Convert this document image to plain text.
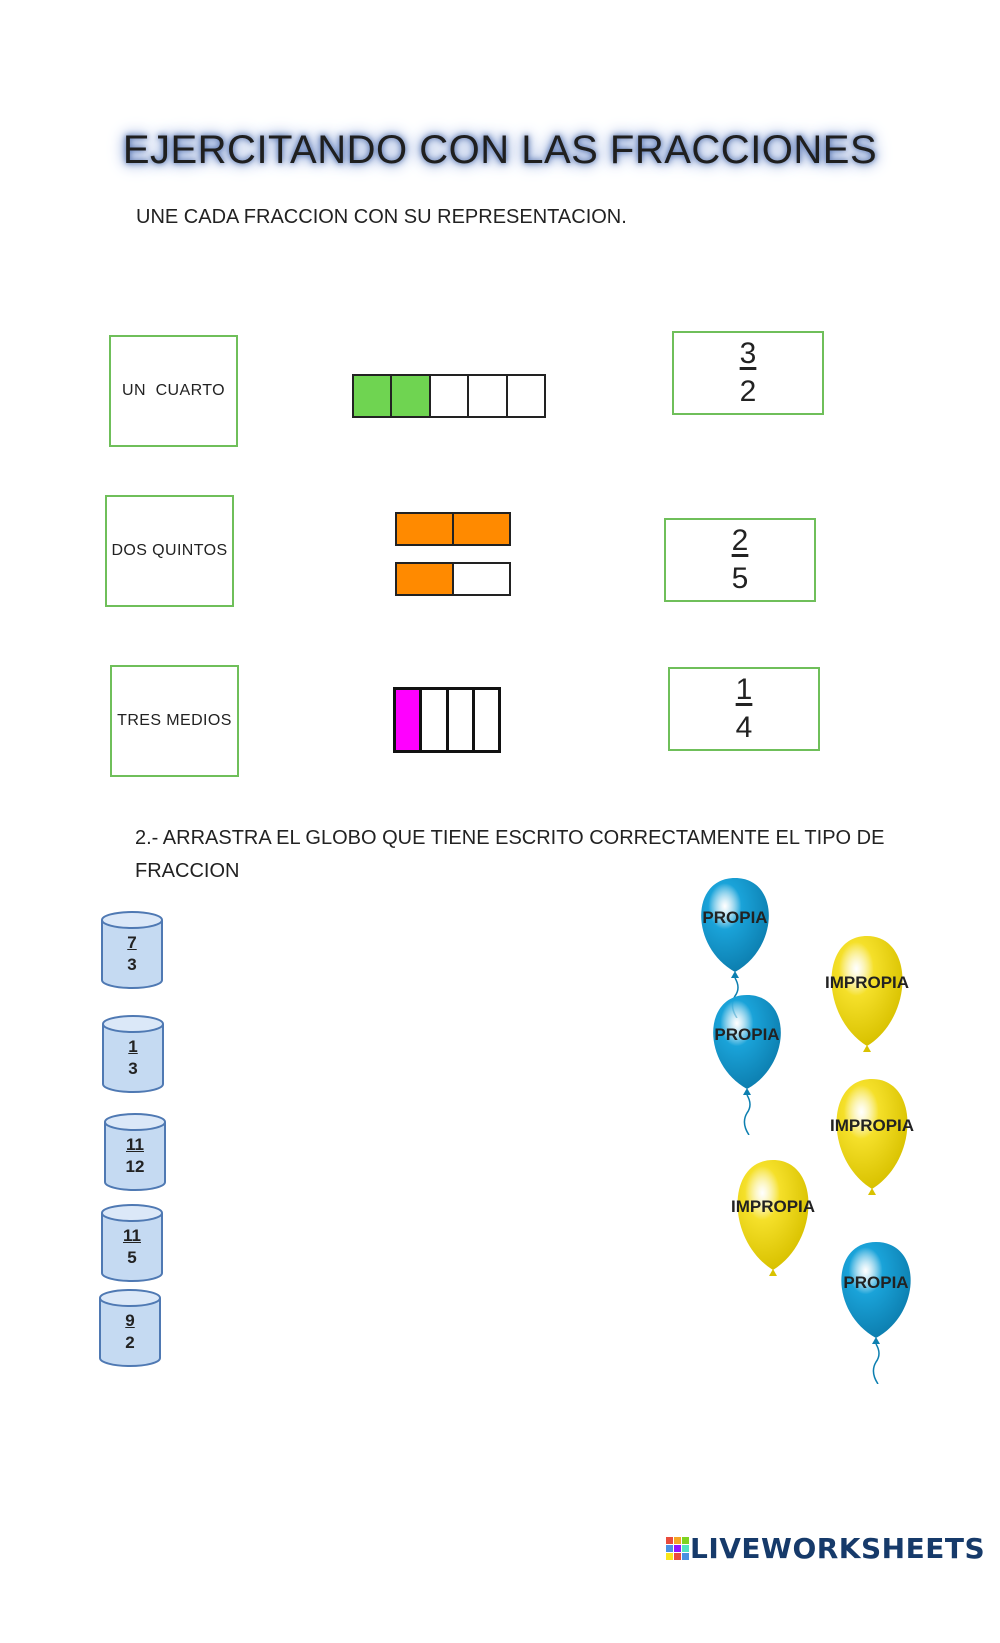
EJERCITANDO CON LAS FRACCIONES
UNE CADA FRACCION CON SU REPRESENTACION.
UN  CUARTO
DOS QUINTOS
TRES MEDIOS
$\frac{3}{2}$
$\frac{2}{5}$
$\frac{1}{4}$
2.- ARRASTRA EL GLOBO QUE TIENE ESCRITO CORRECTAMENTE EL TIPO DE
FRACCION
$\frac{7}{3}$
$\frac{1}{3}$
$\frac{11}{12}$
$\frac{11}{5}$
$\frac{9}{2}$
PROPIA
IMPROPIA
PROPIA
IMPROPIA
IMPROPIA
PROPIA
LIVEWORKSHEETS
